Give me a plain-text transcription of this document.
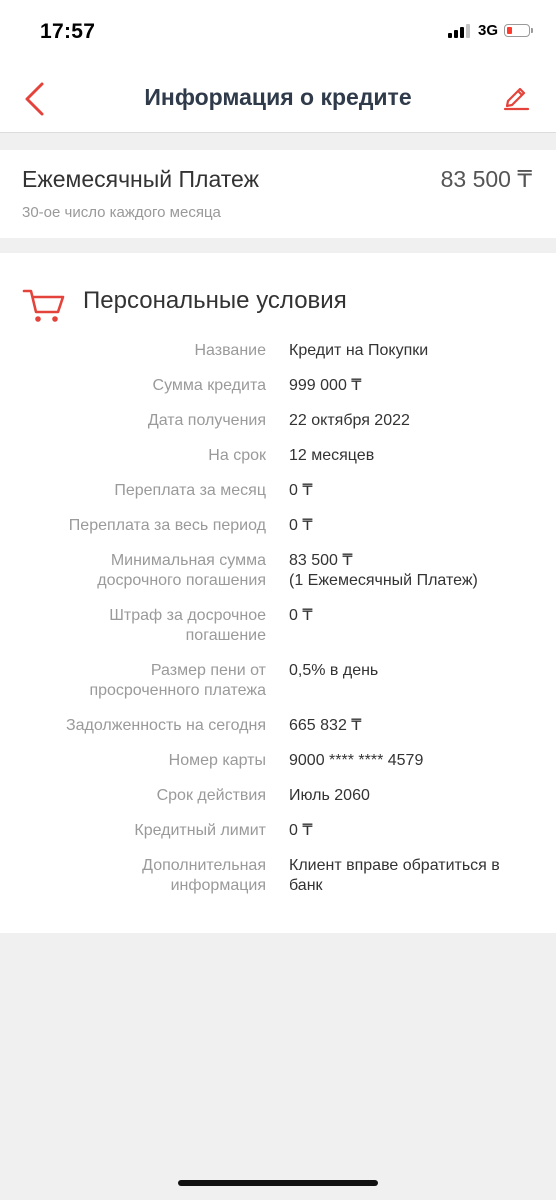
17:57	3G
Информация о кредите
Ежемесячный Платеж	83 500 ₸
30-ое число каждого месяца
Персональные условия
Название Кредит на Покупки
Сумма кредита 999 000 ₸
Дата получения 22 октября 2022
На срок 12 месяцев
Переплата за месяц 0 ₸
Переплата за весь период 0 ₸
Минимальная сумма
досрочного погашения
83 500 ₸
(1 Ежемесячный Платеж)
Штраф за досрочное
погашение
0 ₸
Размер пени от
просроченного платежа
0,5% в день
Задолженность на сегодня 665 832 ₸
Номер карты 9000 **** **** 4579
Срок действия Июль 2060
Кредитный лимит 0 ₸
Дополнительная
информация
Клиент вправе обратиться в
банк
